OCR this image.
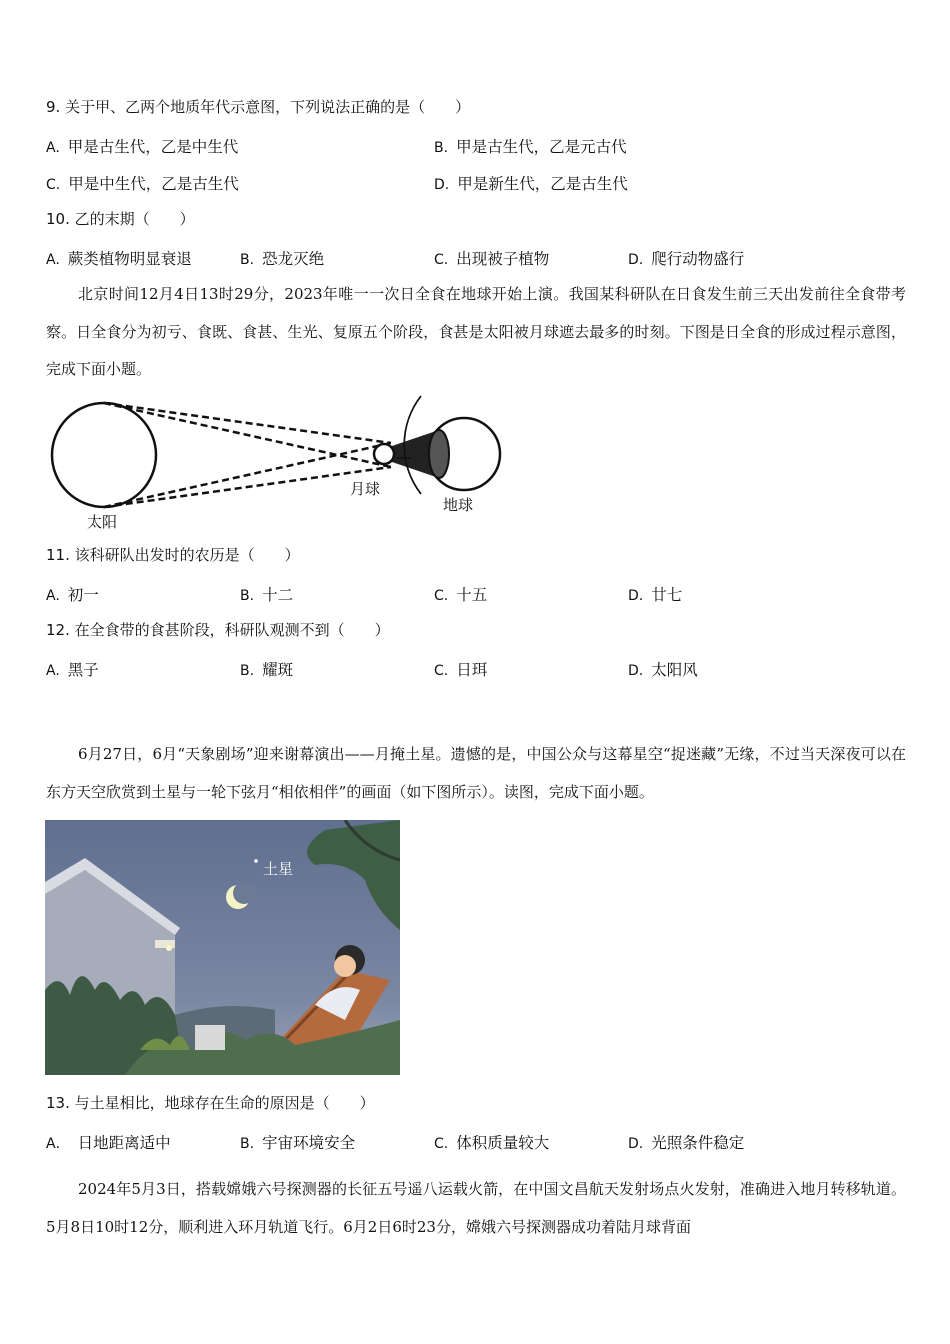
9. 关于甲、乙两个地质年代示意图，下列说法正确的是（　　）
A. 甲是古生代，乙是中生代	B. 甲是古生代，乙是元古代
C. 甲是中生代，乙是古生代	D. 甲是新生代，乙是古生代
10. 乙的末期（　　）
A. 蕨类植物明显衰退	B. 恐龙灭绝	C. 出现被子植物	D. 爬行动物盛行
北京时间12月4日13时29分，2023年唯一一次日全食在地球开始上演。我国某科研队在日食发生前三天出发前往全食带考察。日全食分为初亏、食既、食甚、生光、复原五个阶段，食甚是太阳被月球遮去最多的时刻。下图是日全食的形成过程示意图，完成下面小题。
太阳
月球
地球
11. 该科研队出发时的农历是（　　）
A. 初一	B. 十二	C. 十五	D. 廿七
12. 在全食带的食甚阶段，科研队观测不到（　　）
A. 黑子	B. 耀斑	C. 日珥	D. 太阳风
6月27日，6月“天象剧场”迎来谢幕演出——月掩土星。遗憾的是，中国公众与这幕星空“捉迷藏”无缘，不过当天深夜可以在东方天空欣赏到土星与一轮下弦月“相依相伴”的画面（如下图所示）。读图，完成下面小题。
土星
13. 与土星相比，地球存在生命的原因是（　　）
A． 日地距离适中	B. 宇宙环境安全	C. 体积质量较大	D. 光照条件稳定
2024年5月3日，搭载嫦娥六号探测器的长征五号遥八运载火箭，在中国文昌航天发射场点火发射，准确进入地月转移轨道。5月8日10时12分，顺利进入环月轨道飞行。6月2日6时23分，嫦娥六号探测器成功着陆月球背面
